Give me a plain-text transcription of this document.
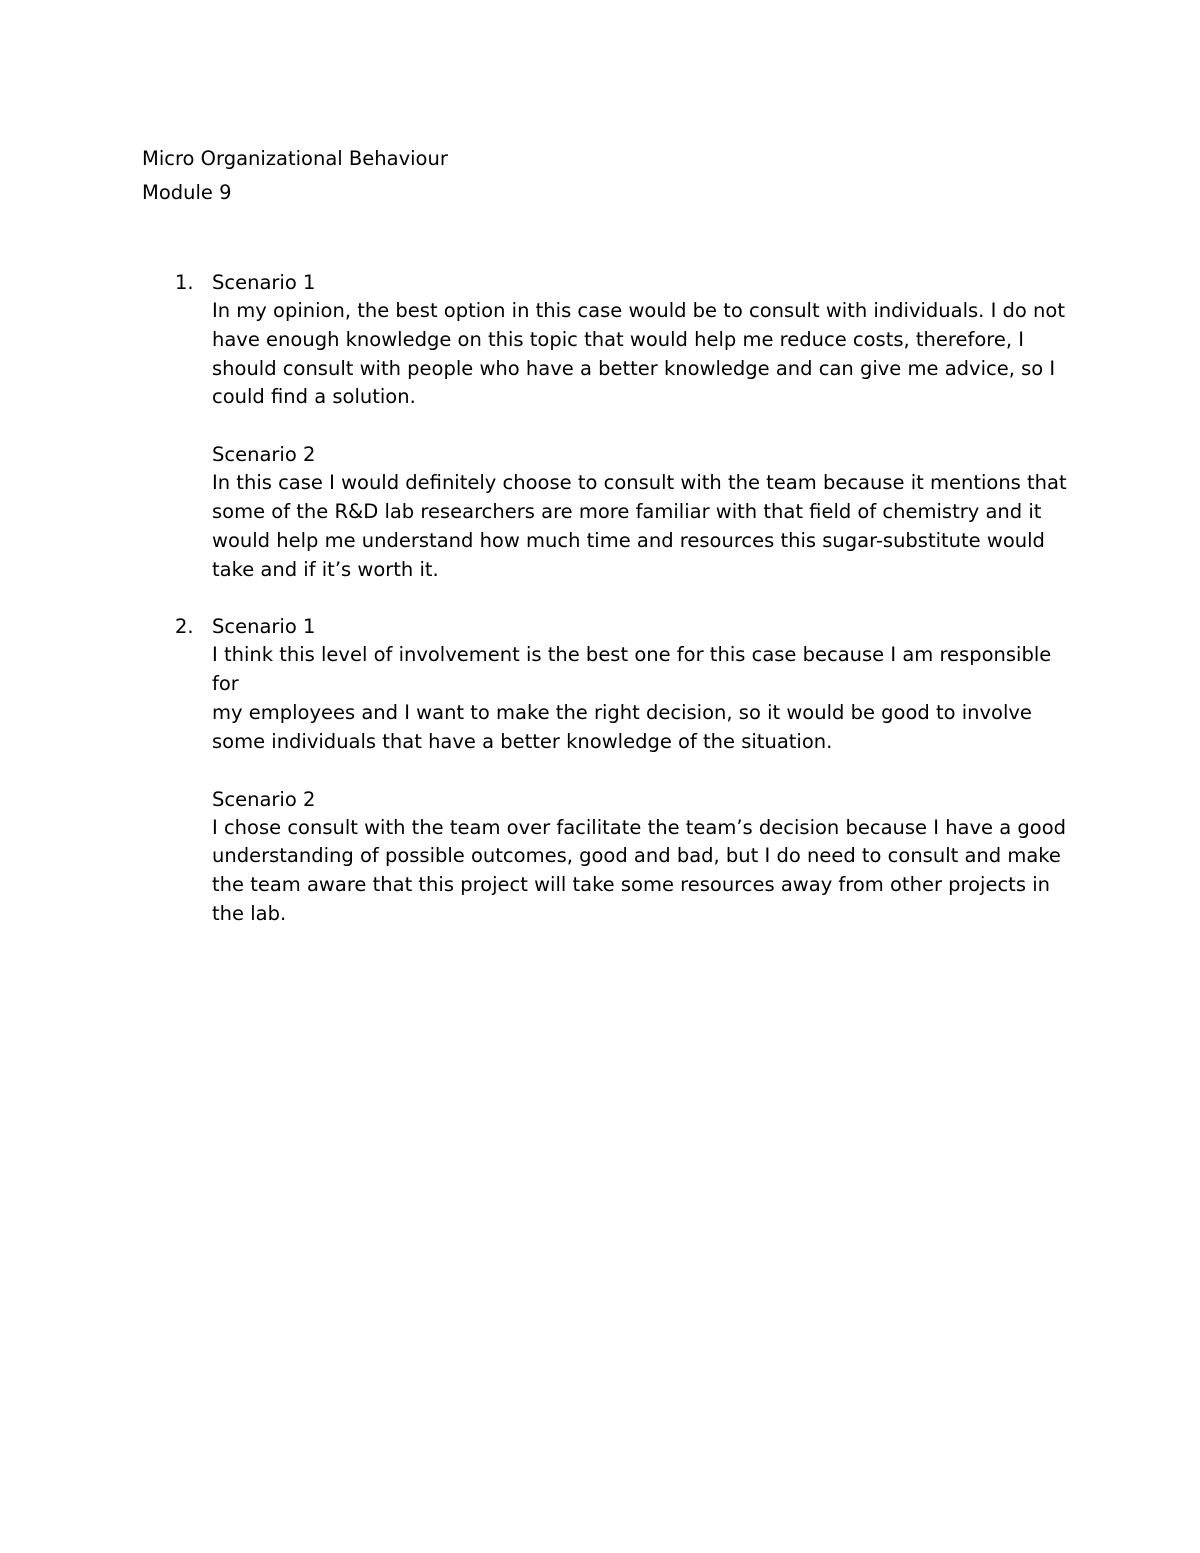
Micro Organizational Behaviour
Module 9
1. Scenario 1
In my opinion, the best option in this case would be to consult with individuals. I do not
have enough knowledge on this topic that would help me reduce costs, therefore, I
should consult with people who have a better knowledge and can give me advice, so I
could find a solution.
Scenario 2
In this case I would definitely choose to consult with the team because it mentions that
some of the R&D lab researchers are more familiar with that field of chemistry and it
would help me understand how much time and resources this sugar-substitute would
take and if it’s worth it.
2. Scenario 1
I think this level of involvement is the best one for this case because I am responsible for
my employees and I want to make the right decision, so it would be good to involve
some individuals that have a better knowledge of the situation.
Scenario 2
I chose consult with the team over facilitate the team’s decision because I have a good
understanding of possible outcomes, good and bad, but I do need to consult and make
the team aware that this project will take some resources away from other projects in
the lab.
